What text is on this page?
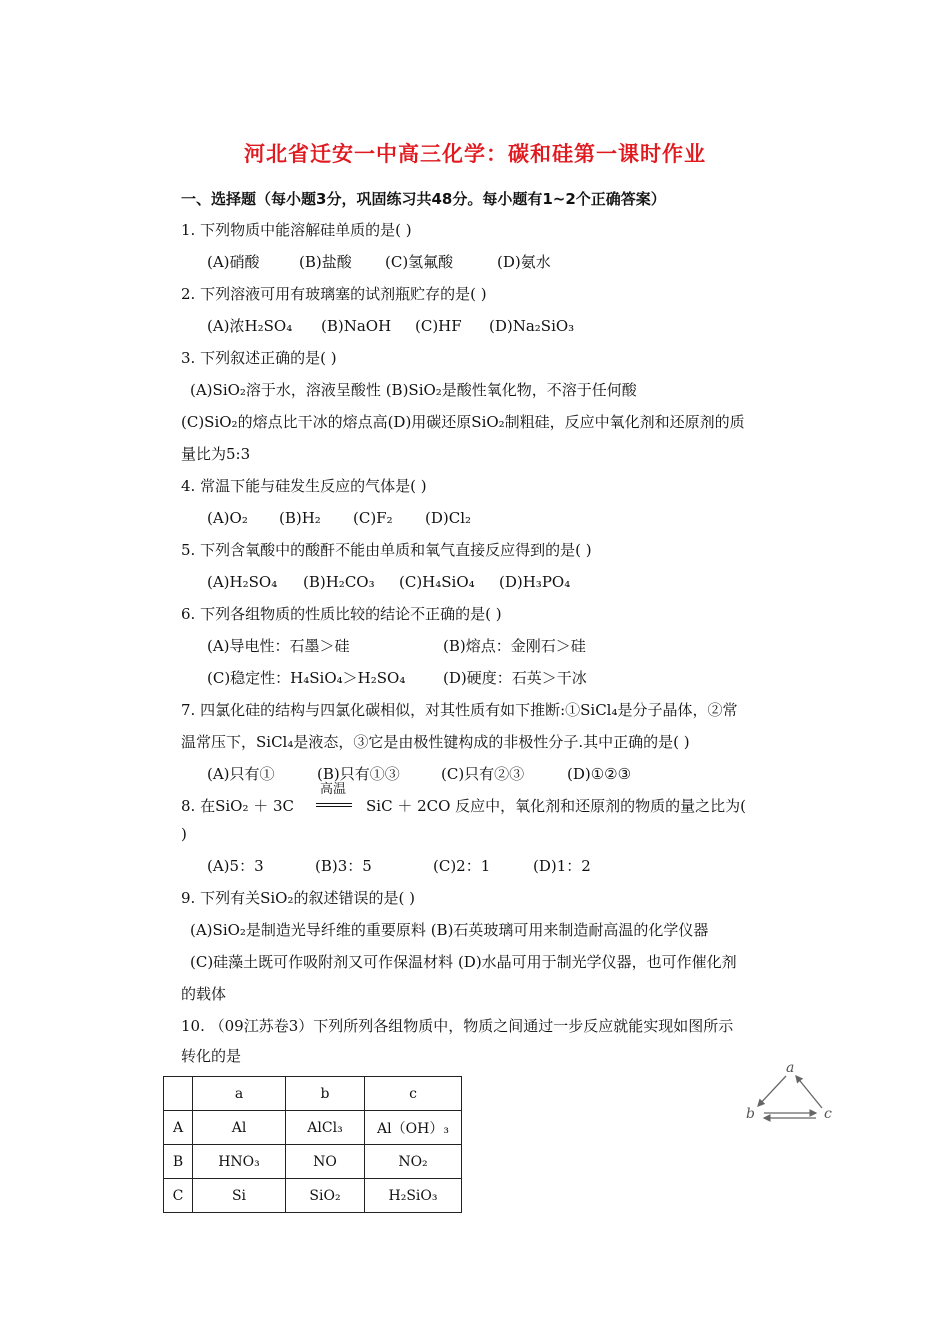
河北省迁安一中高三化学：碳和硅第一课时作业
一、选择题（每小题3分，巩固练习共48分。每小题有1~2个正确答案）
1. 下列物质中能溶解硅单质的是( )
(A)硝酸	(B)盐酸 (C)氢氟酸	(D)氨水
2. 下列溶液可用有玻璃塞的试剂瓶贮存的是( )
(A)浓H₂SO₄ (B)NaOH (C)HF (D)Na₂SiO₃
3. 下列叙述正确的是( )
(A)SiO₂溶于水，溶液呈酸性 (B)SiO₂是酸性氧化物，不溶于任何酸
(C)SiO₂的熔点比干冰的熔点高(D)用碳还原SiO₂制粗硅，反应中氧化剂和还原剂的质
量比为5:3
4. 常温下能与硅发生反应的气体是( )
(A)O₂ (B)H₂ (C)F₂ (D)Cl₂
5. 下列含氧酸中的酸酐不能由单质和氧气直接反应得到的是( )
(A)H₂SO₄ (B)H₂CO₃ (C)H₄SiO₄ (D)H₃PO₄
6. 下列各组物质的性质比较的结论不正确的是( )
(A)导电性：石墨＞硅	(B)熔点：金刚石＞硅
(C)稳定性：H₄SiO₄＞H₂SO₄	(D)硬度：石英＞干冰
7. 四氯化硅的结构与四氯化碳相似，对其性质有如下推断:①SiCl₄是分子晶体，②常
温常压下，SiCl₄是液态，③它是由极性键构成的非极性分子.其中正确的是( )
(A)只有①	(B)只有①③	(C)只有②③	(D)①②③
8. 在SiO₂ ＋ 3C
高温
SiC ＋ 2CO 反应中，氧化剂和还原剂的物质的量之比为(
)
(A)5：3	(B)3：5	(C)2：1	(D)1：2
9. 下列有关SiO₂的叙述错误的是( )
(A)SiO₂是制造光导纤维的重要原料 (B)石英玻璃可用来制造耐高温的化学仪器
(C)硅藻土既可作吸附剂又可作保温材料 (D)水晶可用于制光学仪器，也可作催化剂
的载体
10. （09江苏卷3）下列所列各组物质中，物质之间通过一步反应就能实现如图所示
转化的是
	a	b	c
A	Al	AlCl₃	Al（OH）₃
B	HNO₃	NO	NO₂
C	Si	SiO₂	H₂SiO₃
a
b	c
